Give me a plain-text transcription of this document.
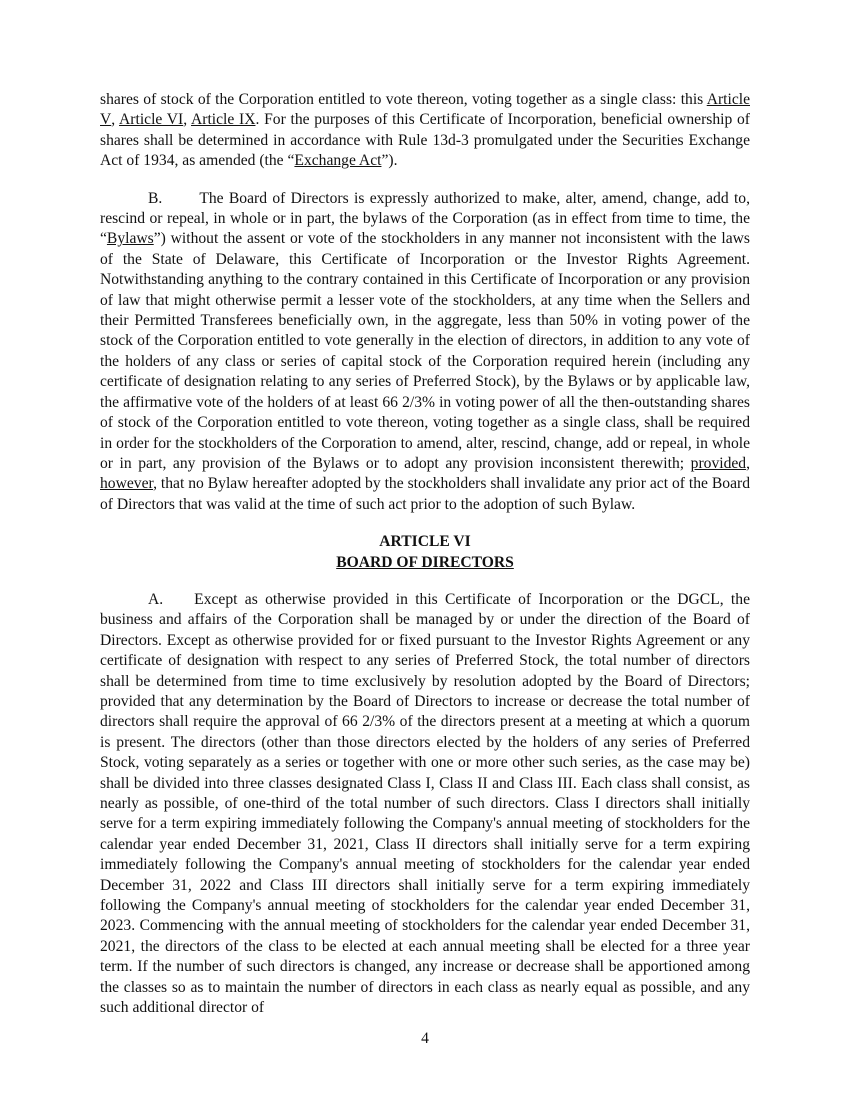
shares of stock of the Corporation entitled to vote thereon, voting together as a single class: this Article V, Article VI, Article IX. For the purposes of this Certificate of Incorporation, beneficial ownership of shares shall be determined in accordance with Rule 13d-3 promulgated under the Securities Exchange Act of 1934, as amended (the “Exchange Act”).

B. The Board of Directors is expressly authorized to make, alter, amend, change, add to, rescind or repeal, in whole or in part, the bylaws of the Corporation (as in effect from time to time, the “Bylaws”) without the assent or vote of the stockholders in any manner not inconsistent with the laws of the State of Delaware, this Certificate of Incorporation or the Investor Rights Agreement. Notwithstanding anything to the contrary contained in this Certificate of Incorporation or any provision of law that might otherwise permit a lesser vote of the stockholders, at any time when the Sellers and their Permitted Transferees beneficially own, in the aggregate, less than 50% in voting power of the stock of the Corporation entitled to vote generally in the election of directors, in addition to any vote of the holders of any class or series of capital stock of the Corporation required herein (including any certificate of designation relating to any series of Preferred Stock), by the Bylaws or by applicable law, the affirmative vote of the holders of at least 66 2/3% in voting power of all the then-outstanding shares of stock of the Corporation entitled to vote thereon, voting together as a single class, shall be required in order for the stockholders of the Corporation to amend, alter, rescind, change, add or repeal, in whole or in part, any provision of the Bylaws or to adopt any provision inconsistent therewith; provided, however, that no Bylaw hereafter adopted by the stockholders shall invalidate any prior act of the Board of Directors that was valid at the time of such act prior to the adoption of such Bylaw.

ARTICLE VI
BOARD OF DIRECTORS

A. Except as otherwise provided in this Certificate of Incorporation or the DGCL, the business and affairs of the Corporation shall be managed by or under the direction of the Board of Directors. Except as otherwise provided for or fixed pursuant to the Investor Rights Agreement or any certificate of designation with respect to any series of Preferred Stock, the total number of directors shall be determined from time to time exclusively by resolution adopted by the Board of Directors; provided that any determination by the Board of Directors to increase or decrease the total number of directors shall require the approval of 66 2/3% of the directors present at a meeting at which a quorum is present. The directors (other than those directors elected by the holders of any series of Preferred Stock, voting separately as a series or together with one or more other such series, as the case may be) shall be divided into three classes designated Class I, Class II and Class III. Each class shall consist, as nearly as possible, of one-third of the total number of such directors. Class I directors shall initially serve for a term expiring immediately following the Company's annual meeting of stockholders for the calendar year ended December 31, 2021, Class II directors shall initially serve for a term expiring immediately following the Company's annual meeting of stockholders for the calendar year ended December 31, 2022 and Class III directors shall initially serve for a term expiring immediately following the Company's annual meeting of stockholders for the calendar year ended December 31, 2023. Commencing with the annual meeting of stockholders for the calendar year ended December 31, 2021, the directors of the class to be elected at each annual meeting shall be elected for a three year term. If the number of such directors is changed, any increase or decrease shall be apportioned among the classes so as to maintain the number of directors in each class as nearly equal as possible, and any such additional director of

4
